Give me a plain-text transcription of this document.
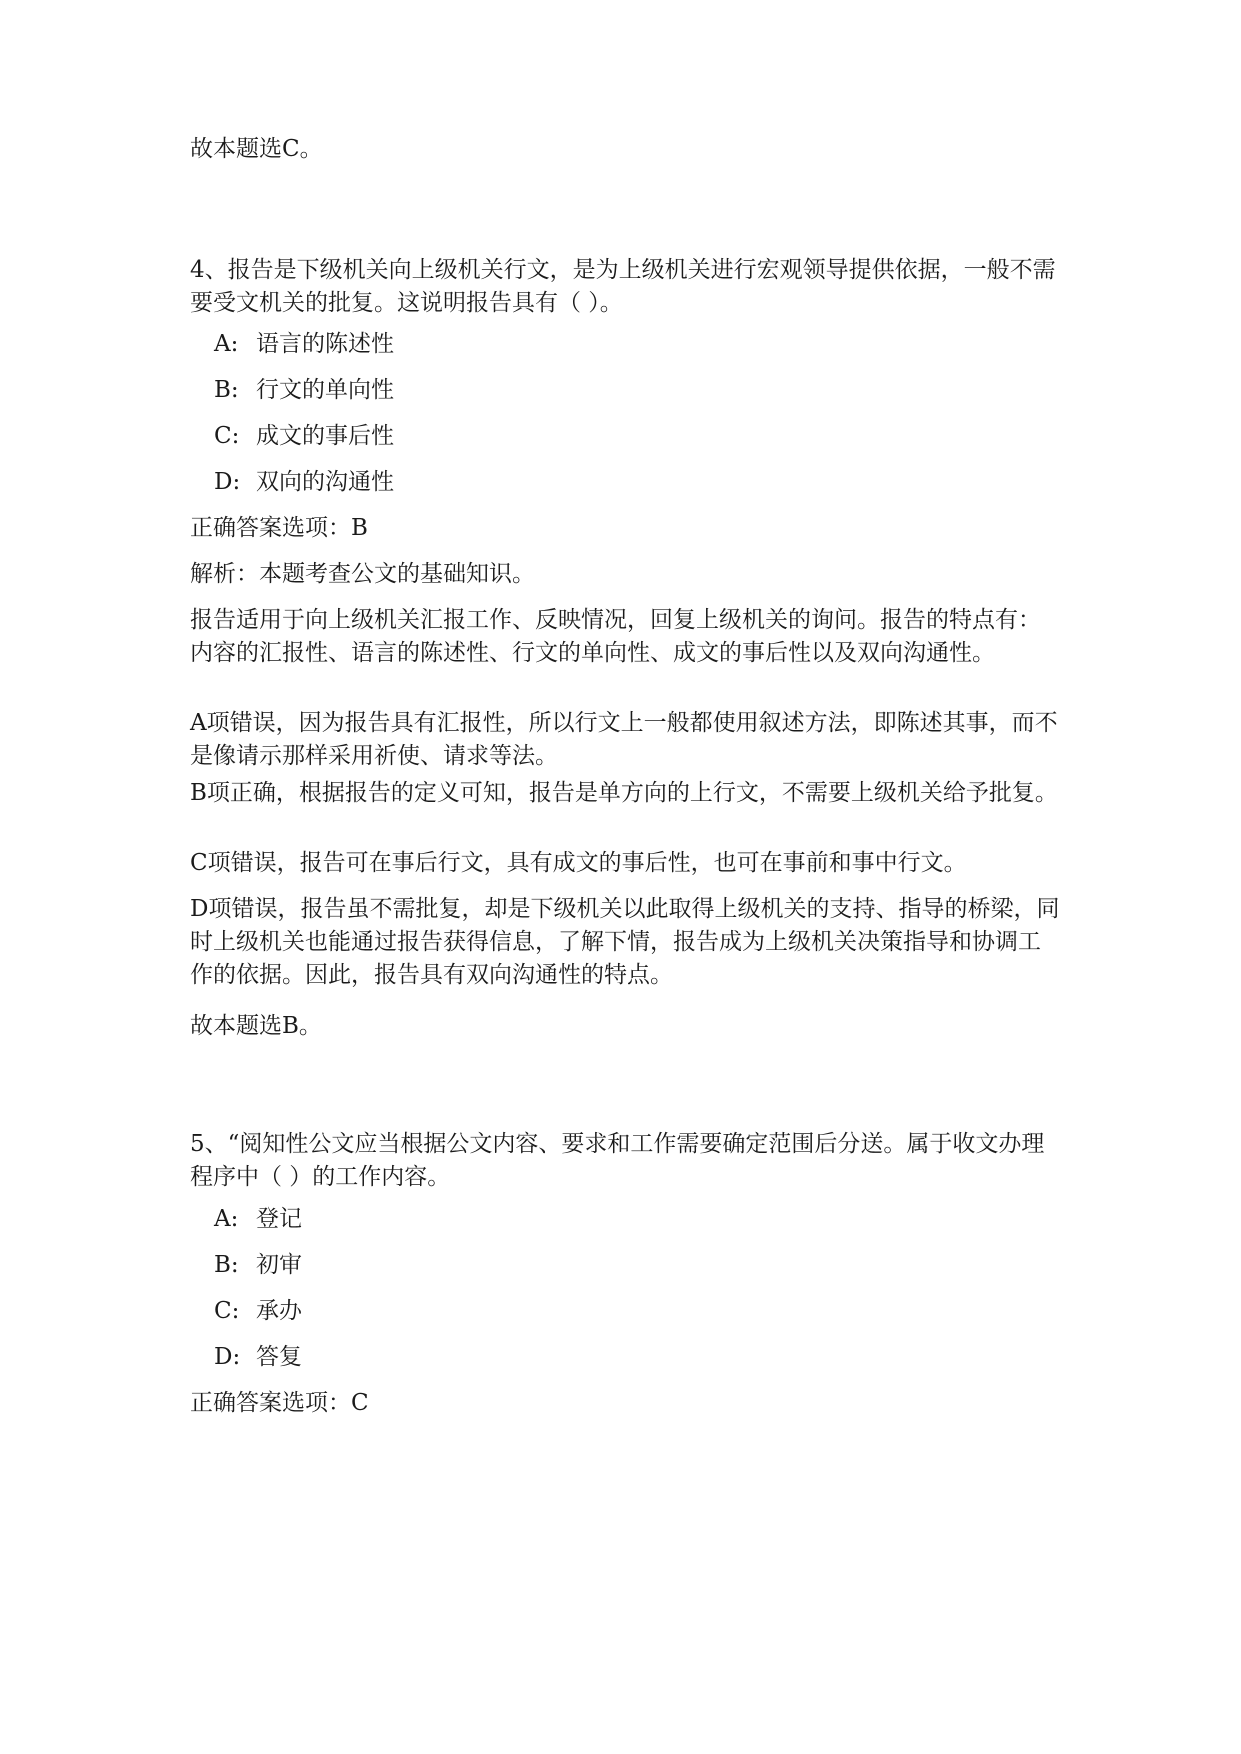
故本题选C。

4、报告是下级机关向上级机关行文，是为上级机关进行宏观领导提供依据，一般不需要受文机关的批复。这说明报告具有（ ）。

A: 语言的陈述性

B: 行文的单向性

C: 成文的事后性

D: 双向的沟通性

正确答案选项：B

解析：本题考查公文的基础知识。

报告适用于向上级机关汇报工作、反映情况，回复上级机关的询问。报告的特点有：内容的汇报性、语言的陈述性、行文的单向性、成文的事后性以及双向沟通性。

A项错误，因为报告具有汇报性，所以行文上一般都使用叙述方法，即陈述其事，而不是像请示那样采用祈使、请求等法。

B项正确，根据报告的定义可知，报告是单方向的上行文，不需要上级机关给予批复。

C项错误，报告可在事后行文，具有成文的事后性，也可在事前和事中行文。

D项错误，报告虽不需批复，却是下级机关以此取得上级机关的支持、指导的桥梁，同时上级机关也能通过报告获得信息，了解下情，报告成为上级机关决策指导和协调工作的依据。因此，报告具有双向沟通性的特点。

故本题选B。

5、“阅知性公文应当根据公文内容、要求和工作需要确定范围后分送。属于收文办理程序中（ ）的工作内容。

A: 登记

B: 初审

C: 承办

D: 答复

正确答案选项：C
